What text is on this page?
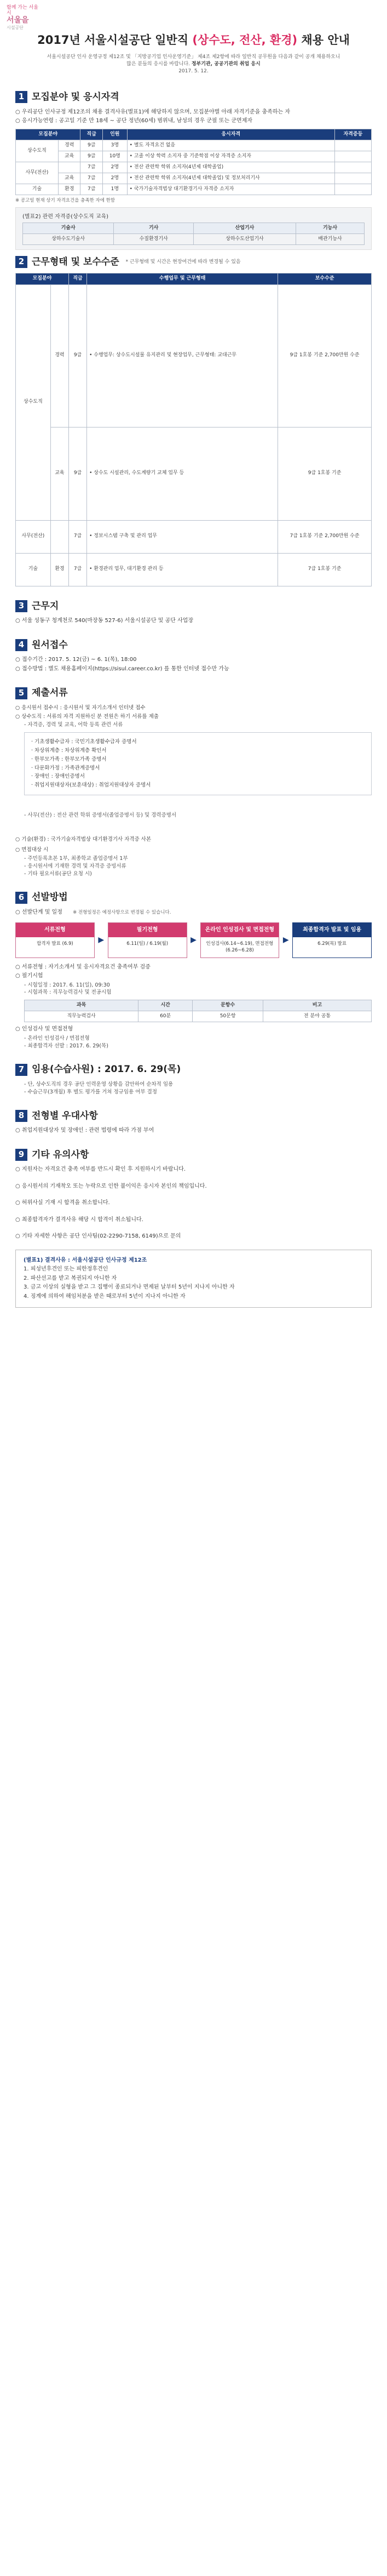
함께 가는 서울시
서울을
시설공단
2017년 서울시설공단 일반직 (상수도, 전산, 환경) 채용 안내
서울시설공단 인사 운영규정 제12조 및 「지방공기업 인사운영기준」 제4조 제2항에 따라 일반직 공무원을 다음과 같이 공개 채용하오니
많은 분들의 응시를 바랍니다. 정부기관, 공공기관의 취업 응시
2017. 5. 12.
1 모집분야 및 응시자격
○ 우리공단 인사규정 제12조의 채용 결격사유(별표1)에 해당하지 않으며, 모집분야별 아래 자격기준을 충족하는 자
○ 응시가능연령 : 공고일 기준 만 18세 ~ 공단 정년(60세) 범위내, 남성의 경우 군필 또는 군면제자
모집분야		직급	인원	응시자격	자격증등
상수도직	경력	9급	3명	• 별도 자격요건 없음	
	교육	9급	10명	• 고졸 이상 학력 소지자 중 기준학점 이상 자격증 소지자	
사무(전산)		7급	2명	• 전산 관련학 학위 소지자(4년제 대학졸업)	
	교육	7급	2명	• 전산 관련학 학위 소지자(4년제 대학졸업) 및 정보처리기사	
기술	환경	7급	1명	• 국가기술자격법상 대기환경기사 자격증 소지자	
※ 공고일 현재 상기 자격요건을 충족한 자에 한함
(별표2) 관련 자격증(상수도직 교육)
기술사	기사	산업기사	기능사
상하수도기술사	수질환경기사	상하수도산업기사	배관기능사
2 근무형태 및 보수수준 * 근무형태 및 시간은 현장여건에 따라 변경될 수 있음
모집분야		직급	수행업무 및 근무형태	보수수준
상수도직	경력	9급	• 수행업무: 상수도시설물 유지관리 및 현장업무, 근무형태: 교대근무	9급 1호봉 기준 2,700만원 수준
	교육	9급	• 상수도 시설관리, 수도계량기 교체 업무 등	9급 1호봉 기준
사무(전산)		7급	• 정보시스템 구축 및 관리 업무	7급 1호봉 기준 2,700만원 수준
기술	환경	7급	• 환경관리 업무, 대기환경 관리 등	7급 1호봉 기준
3 근무지
○ 서울 성동구 청계천로 540(마장동 527-6) 서울시설공단 및 공단 사업장
4 원서접수
○ 접수기간 : 2017. 5. 12(금) ~ 6. 1(목), 18:00
○ 접수방법 : 별도 채용홈페이지(https://sisul.career.co.kr) 를 통한 인터넷 접수만 가능
5 제출서류
○ 응시원서 접수시 : 응시원서 및 자기소개서 인터넷 접수
○ 상수도직 : 서류의 자격 지원하신 분 전원은 하기 서류를 제출
- 자격증, 경력 및 교육, 어학 등록 관련 서류
· 기초생활수급자 : 국민기초생활수급자 증명서
· 차상위계층 : 차상위계층 확인서
· 한부모가족 : 한부모가족 증명서
· 다문화가정 : 가족관계증명서
· 장애인 : 장애인증명서
· 취업지원대상자(보훈대상) : 취업지원대상자 증명서
- 사무(전산) : 전산 관련 학위 증명서(졸업증명서 등) 및 경력증명서
○ 기술(환경) : 국가기술자격법상 대기환경기사 자격증 사본
○ 면접대상 시
- 주민등록초본 1부, 최종학교 졸업증명서 1부
- 응시원서에 기재한 경력 및 자격증 증빙서류
- 기타 필요서류(공단 요청 시)
6 선발방법
○ 선발단계 및 일정 ※ 전형일정은 예정사항으로 변경될 수 있습니다.
서류전형
합격자 발표 (6.9)	▶
필기전형
6.11(일) / 6.19(월)	▶
온라인 인성검사 및 면접전형
인성검사(6.14~6.19), 면접전형(6.26~6.28)
▶
최종합격자 발표 및 임용
6.29(목) 발표
○ 서류전형 : 자기소개서 및 응시자격요건 충족여부 검증
○ 필기시험
- 시험일정 : 2017. 6. 11(일), 09:30
- 시험과목 : 직무능력검사 및 전공시험
과목	시간	문항수	비고
직무능력검사	60분	50문항	전 분야 공통
○ 인성검사 및 면접전형
- 온라인 인성검사 / 면접전형
- 최종합격자 선발 : 2017. 6. 29(목)
7 임용(수습사원) : 2017. 6. 29(목)
- 단, 상수도직의 경우 공단 인력운영 상황을 감안하여 순차적 임용
- 수습근무(3개월) 후 별도 평가를 거쳐 정규임용 여부 결정
8 전형별 우대사항
○ 취업지원대상자 및 장애인 : 관련 법령에 따라 가점 부여
9 기타 유의사항
○ 지원자는 자격요건 충족 여부를 반드시 확인 후 지원하시기 바랍니다.
○ 응시원서의 기재착오 또는 누락으로 인한 불이익은 응시자 본인의 책임입니다.
○ 허위사실 기재 시 합격을 취소합니다.
○ 최종합격자가 결격사유 해당 시 합격이 취소됩니다.
○ 기타 자세한 사항은 공단 인사팀(02-2290-7158, 6149)으로 문의
(별표1) 결격사유 : 서울시설공단 인사규정 제12조
1. 피성년후견인 또는 피한정후견인
2. 파산선고를 받고 복권되지 아니한 자
3. 금고 이상의 실형을 받고 그 집행이 종료되거나 면제된 날부터 5년이 지나지 아니한 자
4. 징계에 의하여 해임처분을 받은 때로부터 5년이 지나지 아니한 자
